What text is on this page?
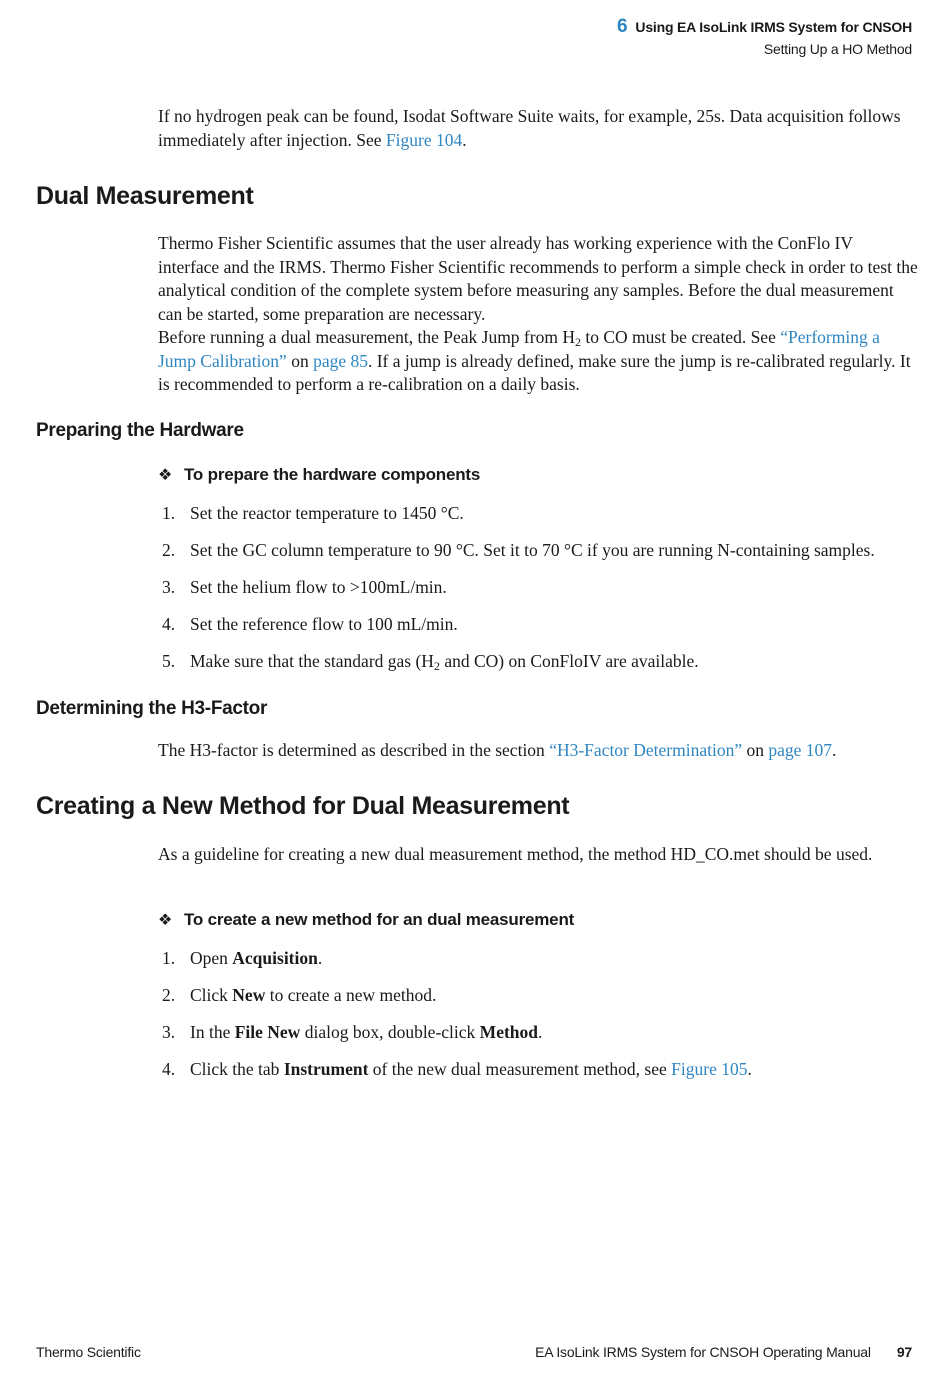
6 Using EA IsoLink IRMS System for CNSOH
Setting Up a HO Method

If no hydrogen peak can be found, Isodat Software Suite waits, for example, 25s. Data acquisition follows immediately after injection. See Figure 104.

Dual Measurement

Thermo Fisher Scientific assumes that the user already has working experience with the ConFlo IV interface and the IRMS. Thermo Fisher Scientific recommends to perform a simple check in order to test the analytical condition of the complete system before measuring any samples. Before the dual measurement can be started, some preparation are necessary.

Before running a dual measurement, the Peak Jump from $H_2$ to CO must be created. See “Performing a Jump Calibration” on page 85. If a jump is already defined, make sure the jump is re-calibrated regularly. It is recommended to perform a re-calibration on a daily basis.

Preparing the Hardware
❖ To prepare the hardware components
1. Set the reactor temperature to 1450 °C.
2. Set the GC column temperature to 90 °C. Set it to 70 °C if you are running N-containing samples.
3. Set the helium flow to >100mL/min.
4. Set the reference flow to 100 mL/min.
5. Make sure that the standard gas ($H_2$ and CO) on ConFloIV are available.
Determining the H3-Factor

The H3-factor is determined as described in the section “H3-Factor Determination” on page 107.

Creating a New Method for Dual Measurement

As a guideline for creating a new dual measurement method, the method HD_CO.met should be used.

❖ To create a new method for an dual measurement
1. Open Acquisition.
2. Click New to create a new method.
3. In the File New dialog box, double-click Method.
4. Click the tab Instrument of the new dual measurement method, see Figure 105.
Thermo Scientific	EA IsoLink IRMS System for CNSOH Operating Manual 97
